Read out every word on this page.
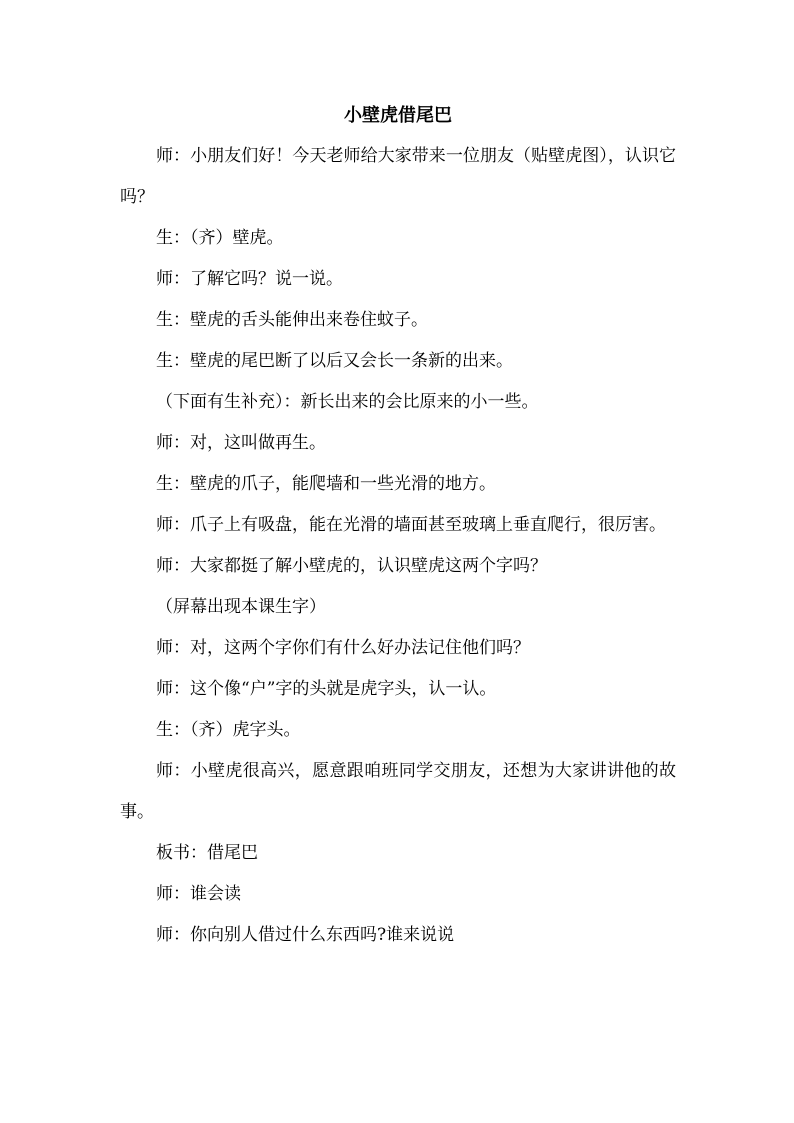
小壁虎借尾巴

师：小朋友们好！今天老师给大家带来一位朋友（贴壁虎图），认识它吗？

生：（齐）壁虎。

师：了解它吗？说一说。

生：壁虎的舌头能伸出来卷住蚊子。

生：壁虎的尾巴断了以后又会长一条新的出来。

（下面有生补充）：新长出来的会比原来的小一些。

师：对，这叫做再生。

生：壁虎的爪子，能爬墙和一些光滑的地方。

师：爪子上有吸盘，能在光滑的墙面甚至玻璃上垂直爬行，很厉害。

师：大家都挺了解小壁虎的，认识壁虎这两个字吗？

（屏幕出现本课生字）

师：对，这两个字你们有什么好办法记住他们吗？

师：这个像“户”字的头就是虎字头，认一认。

生：（齐）虎字头。

师：小壁虎很高兴，愿意跟咱班同学交朋友，还想为大家讲讲他的故事。

板书：借尾巴

师：谁会读

师：你向别人借过什么东西吗?谁来说说
